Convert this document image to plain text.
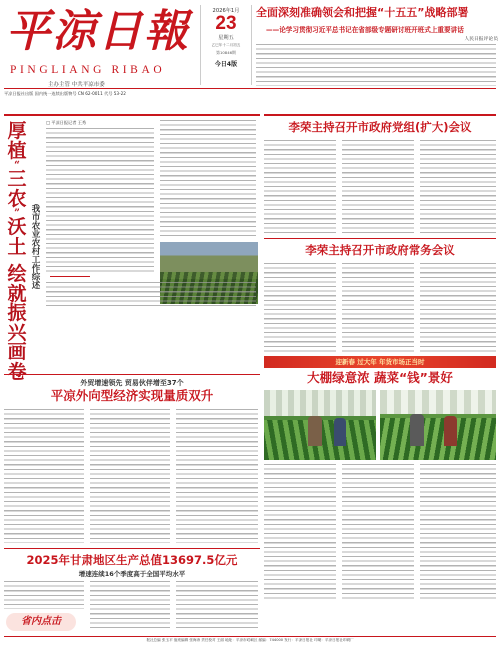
平涼日報
PINGLIANG RIBAO
主办主管 中共平凉市委
平凉日报社出版 国内统一连续出版物号 CN 62-0011 代号 53-22
2026年1月
23
星期五
乙巳年十二月初五
第10846期
今日4版
全面深刻准确领会和把握“十五五”战略部署
——论学习贯彻习近平总书记在省部级专题研讨班开班式上重要讲话
人民日报评论员
厚
植
“
三
农
”
沃
土
绘
就
振
兴
画
卷
我市农业农村工作综述
□ 平凉日报记者 王秀	李荣主持召开市政府党组(扩大)会议
李荣主持召开市政府常务会议
外贸增速领先 贸易伙伴增至37个
平凉外向型经济实现量质双升
迎新春 过大年 年货市场正当时
大棚绿意浓 蔬菜“钱”景好
2025年甘肃地区生产总值13697.5亿元
增速连续16个季度高于全国平均水平
省内点击
报社总编 张玉平 值班编辑 张海涛 责任校对 王丽 地址：平凉市崆峒区 邮编：744000 发行：平凉日报社 印刷：平凉日报社印刷厂
